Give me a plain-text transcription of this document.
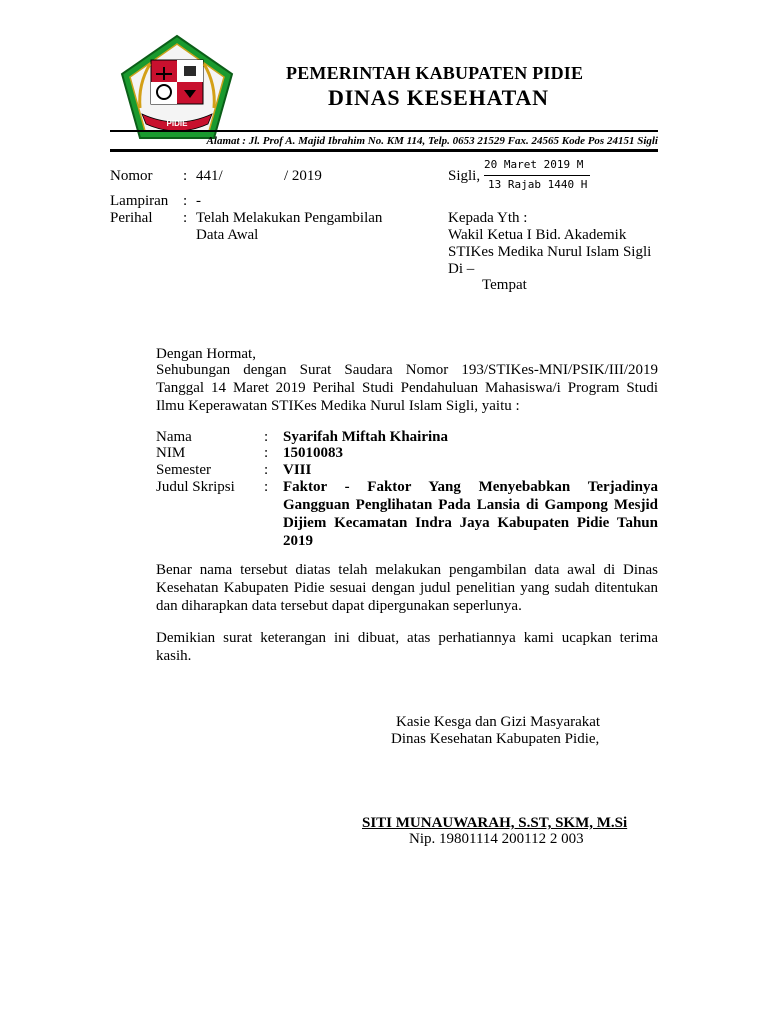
PIDIE
PEMERINTAH KABUPATEN PIDIE
DINAS KESEHATAN
Alamat : Jl. Prof A. Majid Ibrahim No. KM 114, Telp. 0653 21529 Fax. 24565 Kode Pos 24151 Sigli
Nomor : 441/	/ 2019
Lampiran : -
Perihal : Telah Melakukan Pengambilan
Data Awal
Sigli,
20 Maret 2019 M
13 Rajab 1440 H
Kepada Yth :
Wakil Ketua I Bid. Akademik
STIKes Medika Nurul Islam Sigli
Di –
Tempat
Dengan Hormat,
Sehubungan dengan Surat Saudara Nomor 193/STIKes-MNI/PSIK/III/2019 Tanggal 14 Maret 2019 Perihal Studi Pendahuluan Mahasiswa/i Program Studi Ilmu Keperawatan STIKes Medika Nurul Islam Sigli, yaitu :
Nama	: Syarifah Miftah Khairina
NIM	: 15010083
Semester	: VIII
Judul Skripsi : Faktor - Faktor Yang Menyebabkan Terjadinya Gangguan Penglihatan Pada Lansia di Gampong Mesjid Dijiem Kecamatan Indra Jaya Kabupaten Pidie Tahun 2019
Benar nama tersebut diatas telah melakukan pengambilan data awal di Dinas Kesehatan Kabupaten Pidie sesuai dengan judul penelitian yang sudah ditentukan dan diharapkan data tersebut dapat dipergunakan seperlunya.
Demikian surat keterangan ini dibuat, atas perhatiannya kami ucapkan terima kasih.
Kasie Kesga dan Gizi Masyarakat
Dinas Kesehatan Kabupaten Pidie,
SITI MUNAUWARAH, S.ST, SKM, M.Si
Nip. 19801114 200112 2 003
